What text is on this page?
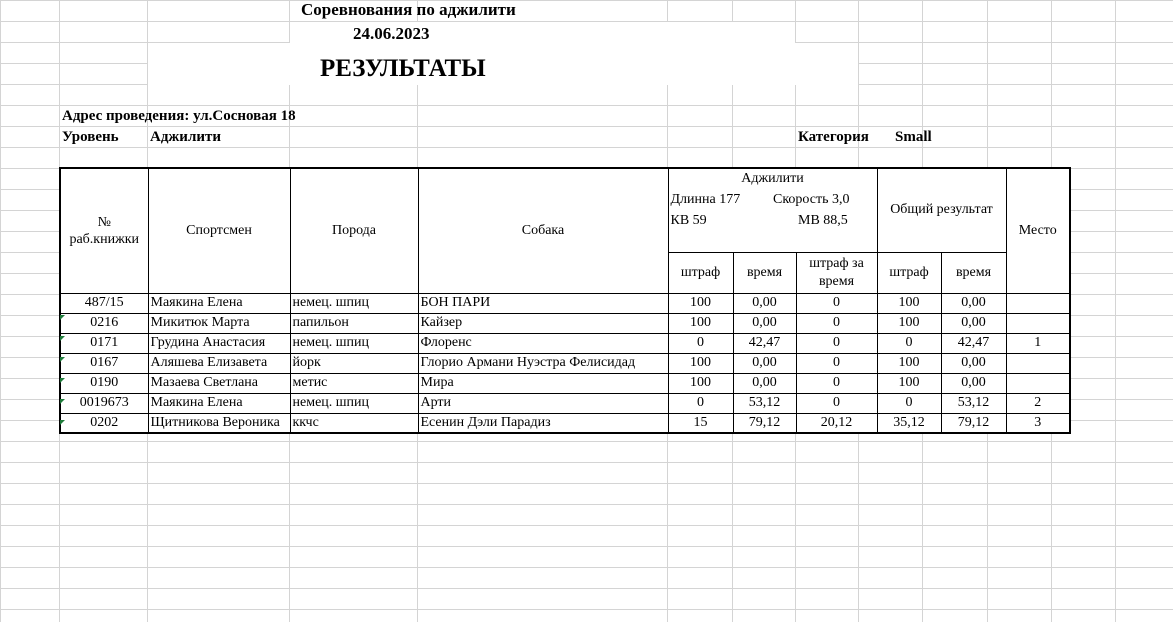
Соревнования по аджилити
24.06.2023
РЕЗУЛЬТАТЫ
Адрес проведения: ул.Сосновая 18
Уровень Аджилити	Категория Small
№
раб.книжки	Спортсмен	Порода	Собака	Аджилити			Общий результат		Место
				Длинна 177		Скорость 3,0			
				КВ 59		МВ 88,5			

				штраф	время	штраф за время	штраф	время	
487/15	Маякина Елена	немец. шпиц	БОН ПАРИ	100	0,00	0	100	0,00	
0216	Микитюк Марта	папильон	Кайзер	100	0,00	0	100	0,00	
0171	Грудина Анастасия	немец. шпиц	Флоренс	0	42,47	0	0	42,47	1
0167	Аляшева Елизавета	йорк	Глорио Армани Нуэстра Фелисидад	100	0,00	0	100	0,00	
0190	Мазаева Светлана	метис	Мира	100	0,00	0	100	0,00	
0019673	Маякина Елена	немец. шпиц	Арти	0	53,12	0	0	53,12	2
0202	Щитникова Вероника	ккчс	Есенин Дэли Парадиз	15	79,12	20,12	35,12	79,12	3
